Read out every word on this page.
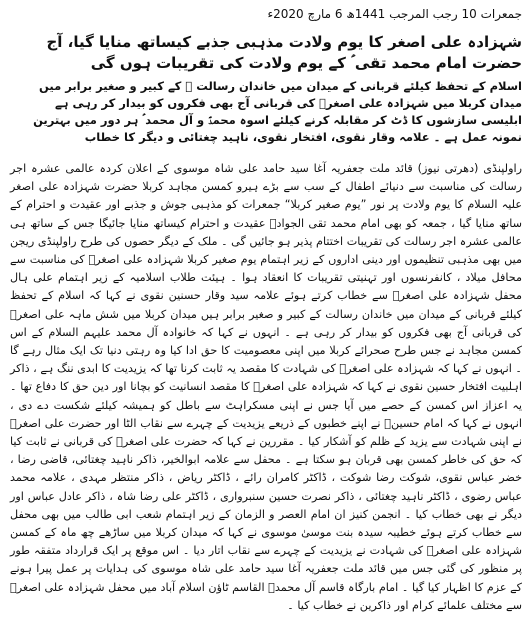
جمعرات 10 رجب المرجب 1441ھ 6 مارچ 2020ء
شہزادہ علی اصغر کا یوم ولادت مذہبی جذبے کیساتھ منایا گیا، آج حضرت امام محمد تقی ؑ کے یوم ولادت کی تقریبات ہوں گی

اسلام کے تحفظ کیلئے قربانی کے میدان میں خاندان رسالت ؐ کے کبیر و صغیر برابر میں میدان کربلا میں شہزادہ علی اصغرؑ کی قربانی آج بھی فکروں کو بیدار کر رہی ہے

ابلیسی سازشوں کا ڈٹ کر مقابلہ کرنے کیلئے اسوہ محمدؐ و آل محمد ؑ ہر دور میں بہترین نمونہ عمل ہے ۔ علامہ وقار نقوی، افتخار نقوی، ناہید چغتائی و دیگر کا خطاب

راولپنڈی (دھرتی نیوز) قائد ملت جعفریہ آغا سید حامد علی شاہ موسوی کے اعلان کردہ عالمی عشرہ اجر رسالت کی مناسبت سے دنیائے اطفال کے سب سے بڑے ہیرو کمسن مجاہد کربلا حضرت شہزادہ علی اصغر علیہ السلام کا یوم ولادت پر نور ”یوم صغیر کربلا“ جمعرات کو مذہبی جوش و جذبے اور عقیدت و احترام کے ساتھ منایا گیا ، جمعہ کو بھی امام محمد تقی الجوادؑ عقیدت و احترام کیساتھ منایا جائیگا جس کے ساتھ ہی عالمی عشرہ اجر رسالت کی تقریبات اختتام پذیر ہو جائیں گی ۔ ملک کے دیگر حصوں کی طرح راولپنڈی ریجن میں بھی مذہبی تنظیموں اور دینی اداروں کے زیر اہتمام یوم صغیر کربلا شہزادہ علی اصغرؑ کی مناسبت سے محافل میلاد ، کانفرنسوں اور تہنیتی تقریبات کا انعقاد ہوا ۔ ہیئت طلاب اسلامیہ کے زیر اہتمام علی ہال محفل شہزادہ علی اصغرؑ سے خطاب کرتے ہوئے علامہ سید وقار حسنین نقوی نے کہا کہ اسلام کے تحفظ کیلئے قربانی کے میدان میں خاندان رسالت کے کبیر و صغیر برابر ہیں میدان کربلا میں شش ماہہ علی اصغرؑ کی قربانی آج بھی فکروں کو بیدار کر رہی ہے ۔ انہوں نے کہا کہ خانوادہ آل محمد علیہم السلام کے اس کمسن مجاہد نے جس طرح صحرائے کربلا میں اپنی معصومیت کا حق ادا کیا وہ رہتی دنیا تک ایک مثال رہے گا ۔ انہوں نے کہا کہ شہزادہ علی اصغرؑ کی شہادت کا مقصد یہ ثابت کرنا تھا کہ یزیدیت کا ابدی ننگ ہے ، ذاکر اہلبیت افتخار حسین نقوی نے کہا کہ شہزادہ علی اصغرؑ کا مقصد انسانیت کو بچانا اور دین حق کا دفاع تھا ۔ یہ اعزاز اس کمسن کے حصے میں آیا جس نے اپنی مسکراہٹ سے باطل کو ہمیشہ کیلئے شکست دے دی ، انہوں نے کہا کہ امام حسینؑ نے اپنے خطبوں کے ذریعے یزیدیت کے چہرے سے نقاب الٹا اور حضرت علی اصغرؑ نے اپنی شہادت سے یزید کے ظلم کو آشکار کیا ۔ مقررین نے کہا کہ حضرت علی اصغرؑ کی قربانی نے ثابت کیا کہ حق کی خاطر کمسن بھی قربان ہو سکتا ہے ۔ محفل سے علامہ ابوالخیر، ذاکر ناہید چغتائی، قاضی رضا ، خضر عباس نقوی، شوکت رضا شوکت ، ڈاکٹر کامران رائے ، ڈاکٹر ریاض ، ذاکر منتظر مہدی ، علامہ محمد عباس رضوی ، ڈاکٹر ناہید چغتائی ، ذاکر نصرت حسین سنبرواری ، ڈاکٹر علی رضا شاہ ، ذاکر عادل عباس اور دیگر نے بھی خطاب کیا ۔ انجمن کنیز ان امام العصر و الزمان کے زیر اہتمام شعب ابی طالب میں بھی محفل سے خطاب کرتے ہوئے خطیبہ سیدہ بنت موسیٰ موسوی نے کہا کہ میدان کربلا میں ساڑھے چھ ماہ کے کمسن شہزادہ علی اصغرؑ کی شہادت نے یزیدیت کے چہرے سے نقاب اتار دیا ۔ اس موقع پر ایک قرارداد متفقہ طور پر منظور کی گئی جس میں قائد ملت جعفریہ آغا سید حامد علی شاہ موسوی کی ہدایات پر عمل پیرا ہونے کے عزم کا اظہار کیا گیا ۔ امام بارگاہ قاسم آل محمدؑ القاسم ٹاؤن اسلام آباد میں محفل شہزادہ علی اصغرؑ سے مختلف علمائے کرام اور ذاکرین نے خطاب کیا ۔
